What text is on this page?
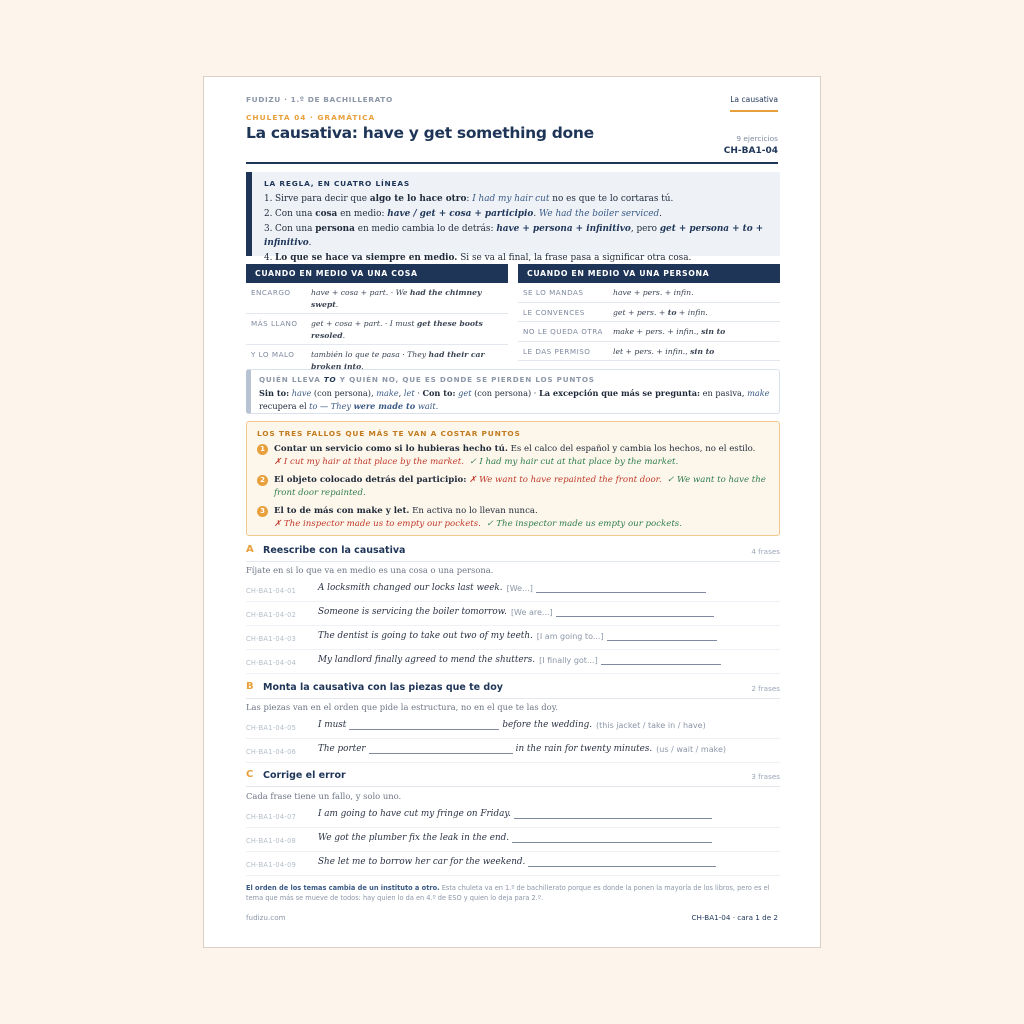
FUDIZU · 1.º DE BACHILLERATO	La causativa
CHULETA 04 · GRAMÁTICA
La causativa: have y get something done	9 ejercicios
CH-BA1-04
LA REGLA, EN CUATRO LÍNEAS
1. Sirve para decir que algo te lo hace otro: I had my hair cut no es que te lo cortaras tú.
2. Con una cosa en medio: have / get + cosa + participio. We had the boiler serviced.
3. Con una persona en medio cambia lo de detrás: have + persona + infinitivo, pero get + persona + to + infinitivo.
4. Lo que se hace va siempre en medio. Si se va al final, la frase pasa a significar otra cosa.
CUANDO EN MEDIO VA UNA COSA
ENCARGO	have + cosa + part. · We had the chimney swept.
MÁS LLANO	get + cosa + part. · I must get these boots resoled.
Y LO MALO	también lo que te pasa · They had their car broken into.
CUANDO EN MEDIO VA UNA PERSONA
SE LO MANDAS	have + pers. + infin.
LE CONVENCES	get + pers. + to + infin.
NO LE QUEDA OTRA	make + pers. + infin., sin to
LE DAS PERMISO	let + pers. + infin., sin to
QUIÉN LLEVA TO Y QUIÉN NO, QUE ES DONDE SE PIERDEN LOS PUNTOS

Sin to: have (con persona), make, let · Con to: get (con persona) · La excepción que más se pregunta: en pasiva, make recupera el to — They were made to wait.

LOS TRES FALLOS QUE MÁS TE VAN A COSTAR PUNTOS
1	Contar un servicio como si lo hubieras hecho tú. Es el calco del español y cambia los hechos, no el estilo.
✗ I cut my hair at that place by the market. ✓ I had my hair cut at that place by the market.
2	El objeto colocado detrás del participio: ✗ We want to have repainted the front door. ✓ We want to have the front door repainted.
3	El to de más con make y let. En activa no lo llevan nunca.
✗ The inspector made us to empty our pockets. ✓ The inspector made us empty our pockets.
A Reescribe con la causativa	4 frases
Fíjate en si lo que va en medio es una cosa o una persona.
CH-BA1-04-01 A locksmith changed our locks last week. [We...]
CH-BA1-04-02 Someone is servicing the boiler tomorrow. [We are...]
CH-BA1-04-03 The dentist is going to take out two of my teeth. [I am going to...]
CH-BA1-04-04 My landlord finally agreed to mend the shutters. [I finally got...]
B Monta la causativa con las piezas que te doy	2 frases
Las piezas van en el orden que pide la estructura, no en el que te las doy.
CH-BA1-04-05 I must	before the wedding. (this jacket / take in / have)
CH-BA1-04-06 The porter	in the rain for twenty minutes. (us / wait / make)
C Corrige el error	3 frases
Cada frase tiene un fallo, y solo uno.
CH-BA1-04-07 I am going to have cut my fringe on Friday.
CH-BA1-04-08 We got the plumber fix the leak in the end.
CH-BA1-04-09 She let me to borrow her car for the weekend.
El orden de los temas cambia de un instituto a otro. Esta chuleta va en 1.º de bachillerato porque es donde la ponen la mayoría de los libros, pero es el tema que más se mueve de todos: hay quien lo da en 4.º de ESO y quien lo deja para 2.º.
fudizu.com	CH-BA1-04 · cara 1 de 2
